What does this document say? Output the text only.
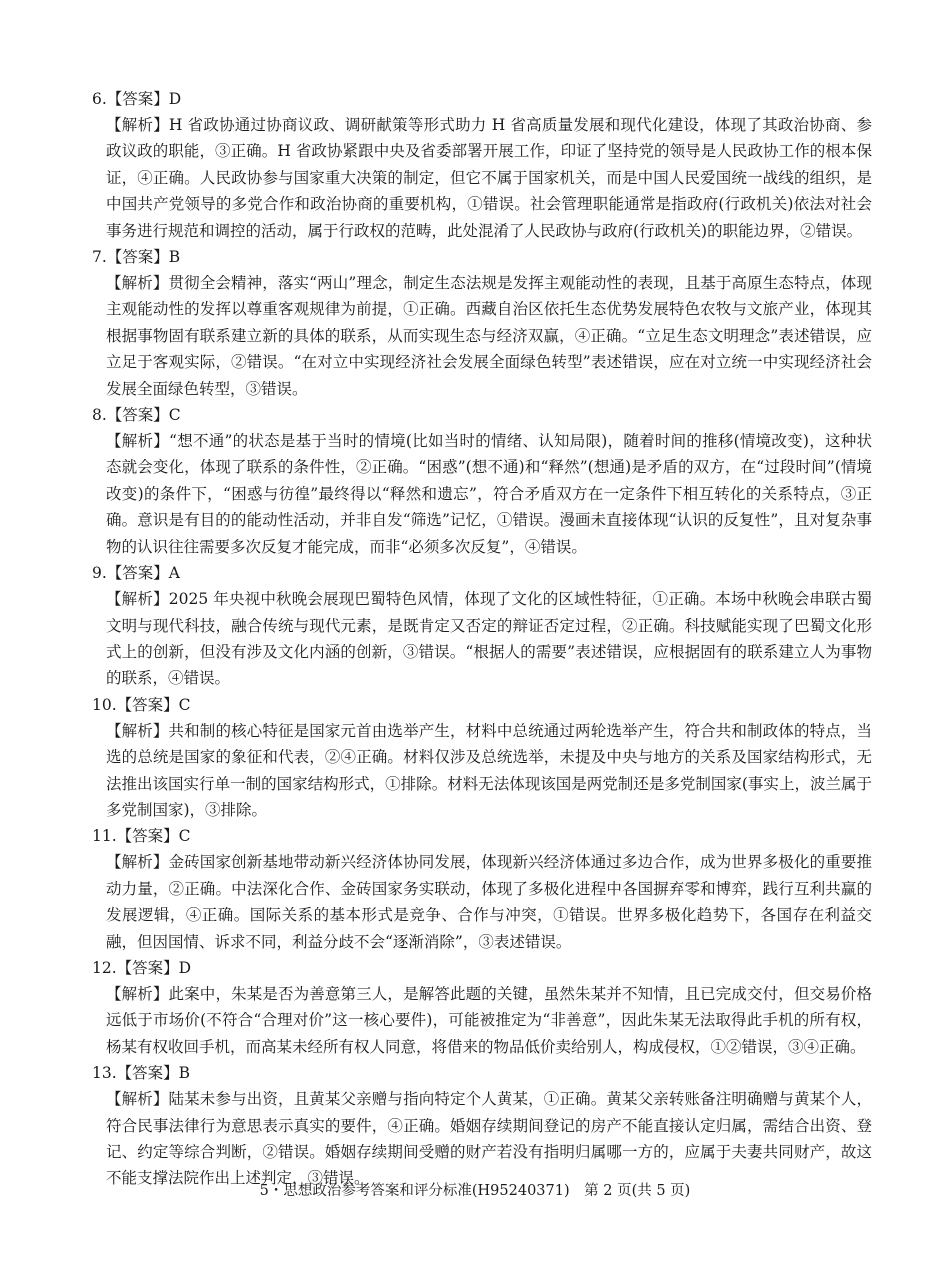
6.【答案】D
【解析】H 省政协通过协商议政、调研献策等形式助力 H 省高质量发展和现代化建设，体现了其政治协商、参政议政的职能，③正确。H 省政协紧跟中央及省委部署开展工作，印证了坚持党的领导是人民政协工作的根本保证，④正确。人民政协参与国家重大决策的制定，但它不属于国家机关，而是中国人民爱国统一战线的组织，是中国共产党领导的多党合作和政治协商的重要机构，①错误。社会管理职能通常是指政府(行政机关)依法对社会事务进行规范和调控的活动，属于行政权的范畴，此处混淆了人民政协与政府(行政机关)的职能边界，②错误。
7.【答案】B
【解析】贯彻全会精神，落实“两山”理念，制定生态法规是发挥主观能动性的表现，且基于高原生态特点，体现主观能动性的发挥以尊重客观规律为前提，①正确。西藏自治区依托生态优势发展特色农牧与文旅产业，体现其根据事物固有联系建立新的具体的联系，从而实现生态与经济双赢，④正确。“立足生态文明理念”表述错误，应立足于客观实际，②错误。“在对立中实现经济社会发展全面绿色转型”表述错误，应在对立统一中实现经济社会发展全面绿色转型，③错误。
8.【答案】C
【解析】“想不通”的状态是基于当时的情境(比如当时的情绪、认知局限)，随着时间的推移(情境改变)，这种状态就会变化，体现了联系的条件性，②正确。“困惑”(想不通)和“释然”(想通)是矛盾的双方，在“过段时间”(情境改变)的条件下，“困惑与彷徨”最终得以“释然和遗忘”，符合矛盾双方在一定条件下相互转化的关系特点，③正确。意识是有目的的能动性活动，并非自发“筛选”记忆，①错误。漫画未直接体现“认识的反复性”，且对复杂事物的认识往往需要多次反复才能完成，而非“必须多次反复”，④错误。
9.【答案】A
【解析】2025 年央视中秋晚会展现巴蜀特色风情，体现了文化的区域性特征，①正确。本场中秋晚会串联古蜀文明与现代科技，融合传统与现代元素，是既肯定又否定的辩证否定过程，②正确。科技赋能实现了巴蜀文化形式上的创新，但没有涉及文化内涵的创新，③错误。“根据人的需要”表述错误，应根据固有的联系建立人为事物的联系，④错误。
10.【答案】C
【解析】共和制的核心特征是国家元首由选举产生，材料中总统通过两轮选举产生，符合共和制政体的特点，当选的总统是国家的象征和代表，②④正确。材料仅涉及总统选举，未提及中央与地方的关系及国家结构形式，无法推出该国实行单一制的国家结构形式，①排除。材料无法体现该国是两党制还是多党制国家(事实上，波兰属于多党制国家)，③排除。
11.【答案】C
【解析】金砖国家创新基地带动新兴经济体协同发展，体现新兴经济体通过多边合作，成为世界多极化的重要推动力量，②正确。中法深化合作、金砖国家务实联动，体现了多极化进程中各国摒弃零和博弈，践行互利共赢的发展逻辑，④正确。国际关系的基本形式是竞争、合作与冲突，①错误。世界多极化趋势下，各国存在利益交融，但因国情、诉求不同，利益分歧不会“逐渐消除”，③表述错误。
12.【答案】D
【解析】此案中，朱某是否为善意第三人，是解答此题的关键，虽然朱某并不知情，且已完成交付，但交易价格远低于市场价(不符合“合理对价”这一核心要件)，可能被推定为“非善意”，因此朱某无法取得此手机的所有权，杨某有权收回手机，而高某未经所有权人同意，将借来的物品低价卖给别人，构成侵权，①②错误，③④正确。
13.【答案】B
【解析】陆某未参与出资，且黄某父亲赠与指向特定个人黄某，①正确。黄某父亲转账备注明确赠与黄某个人，符合民事法律行为意思表示真实的要件，④正确。婚姻存续期间登记的房产不能直接认定归属，需结合出资、登记、约定等综合判断，②错误。婚姻存续期间受赠的财产若没有指明归属哪一方的，应属于夫妻共同财产，故这不能支撑法院作出上述判定，③错误。
5・思想政治参考答案和评分标准(H95240371)　第 2 页(共 5 页)
